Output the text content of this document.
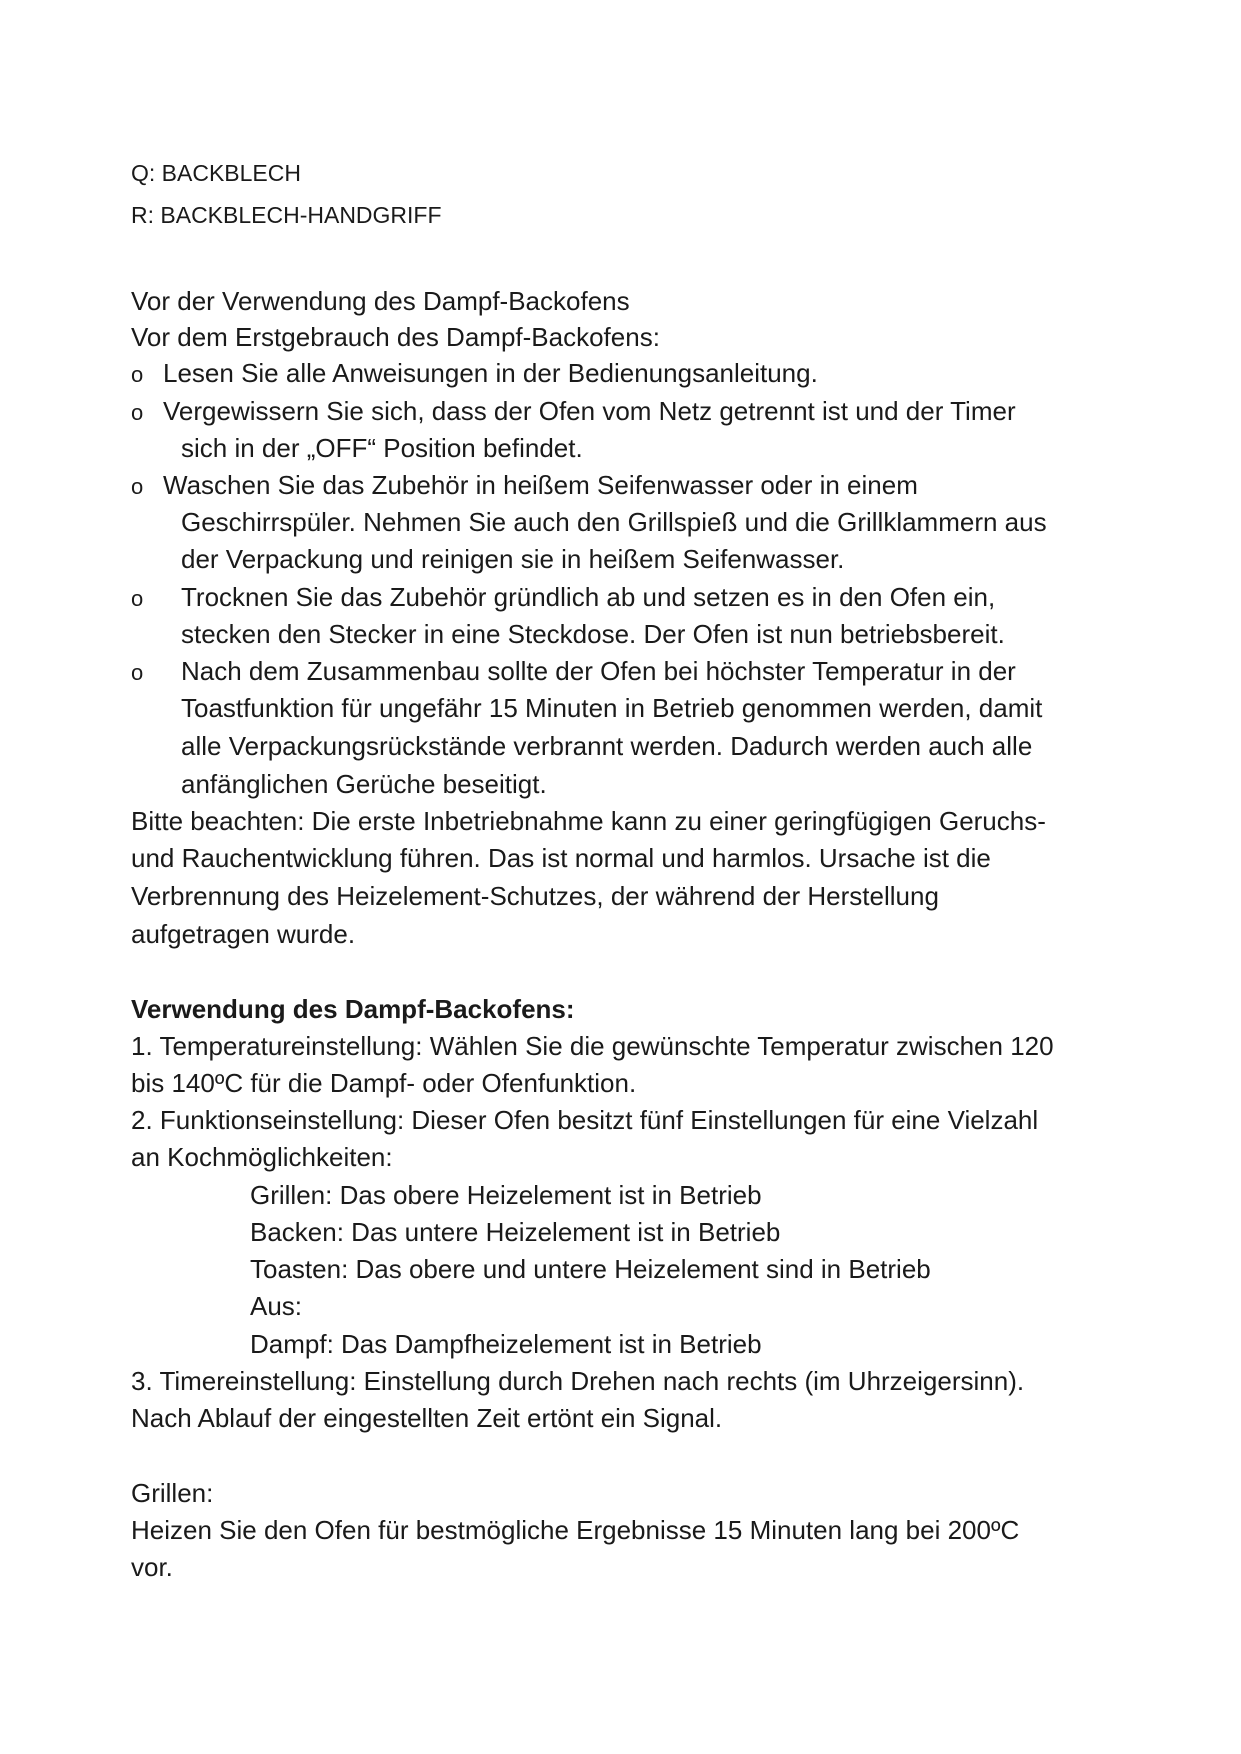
Q: BACKBLECH
R: BACKBLECH-HANDGRIFF
Vor der Verwendung des Dampf-Backofens
Vor dem Erstgebrauch des Dampf-Backofens:
o Lesen Sie alle Anweisungen in der Bedienungsanleitung.
o Vergewissern Sie sich, dass der Ofen vom Netz getrennt ist und der Timer
sich in der „OFF“ Position befindet.
o Waschen Sie das Zubehör in heißem Seifenwasser oder in einem
Geschirrspüler. Nehmen Sie auch den Grillspieß und die Grillklammern aus
der Verpackung und reinigen sie in heißem Seifenwasser.
o Trocknen Sie das Zubehör gründlich ab und setzen es in den Ofen ein,
stecken den Stecker in eine Steckdose. Der Ofen ist nun betriebsbereit.
o Nach dem Zusammenbau sollte der Ofen bei höchster Temperatur in der
Toastfunktion für ungefähr 15 Minuten in Betrieb genommen werden, damit
alle Verpackungsrückstände verbrannt werden. Dadurch werden auch alle
anfänglichen Gerüche beseitigt.
Bitte beachten: Die erste Inbetriebnahme kann zu einer geringfügigen Geruchs-
und Rauchentwicklung führen. Das ist normal und harmlos. Ursache ist die
Verbrennung des Heizelement-Schutzes, der während der Herstellung
aufgetragen wurde.
Verwendung des Dampf-Backofens:
1. Temperatureinstellung: Wählen Sie die gewünschte Temperatur zwischen 120
bis 140ºC für die Dampf- oder Ofenfunktion.
2. Funktionseinstellung: Dieser Ofen besitzt fünf Einstellungen für eine Vielzahl
an Kochmöglichkeiten:
Grillen: Das obere Heizelement ist in Betrieb
Backen: Das untere Heizelement ist in Betrieb
Toasten: Das obere und untere Heizelement sind in Betrieb
Aus:
Dampf: Das Dampfheizelement ist in Betrieb
3. Timereinstellung: Einstellung durch Drehen nach rechts (im Uhrzeigersinn).
Nach Ablauf der eingestellten Zeit ertönt ein Signal.
Grillen:
Heizen Sie den Ofen für bestmögliche Ergebnisse 15 Minuten lang bei 200ºC
vor.
